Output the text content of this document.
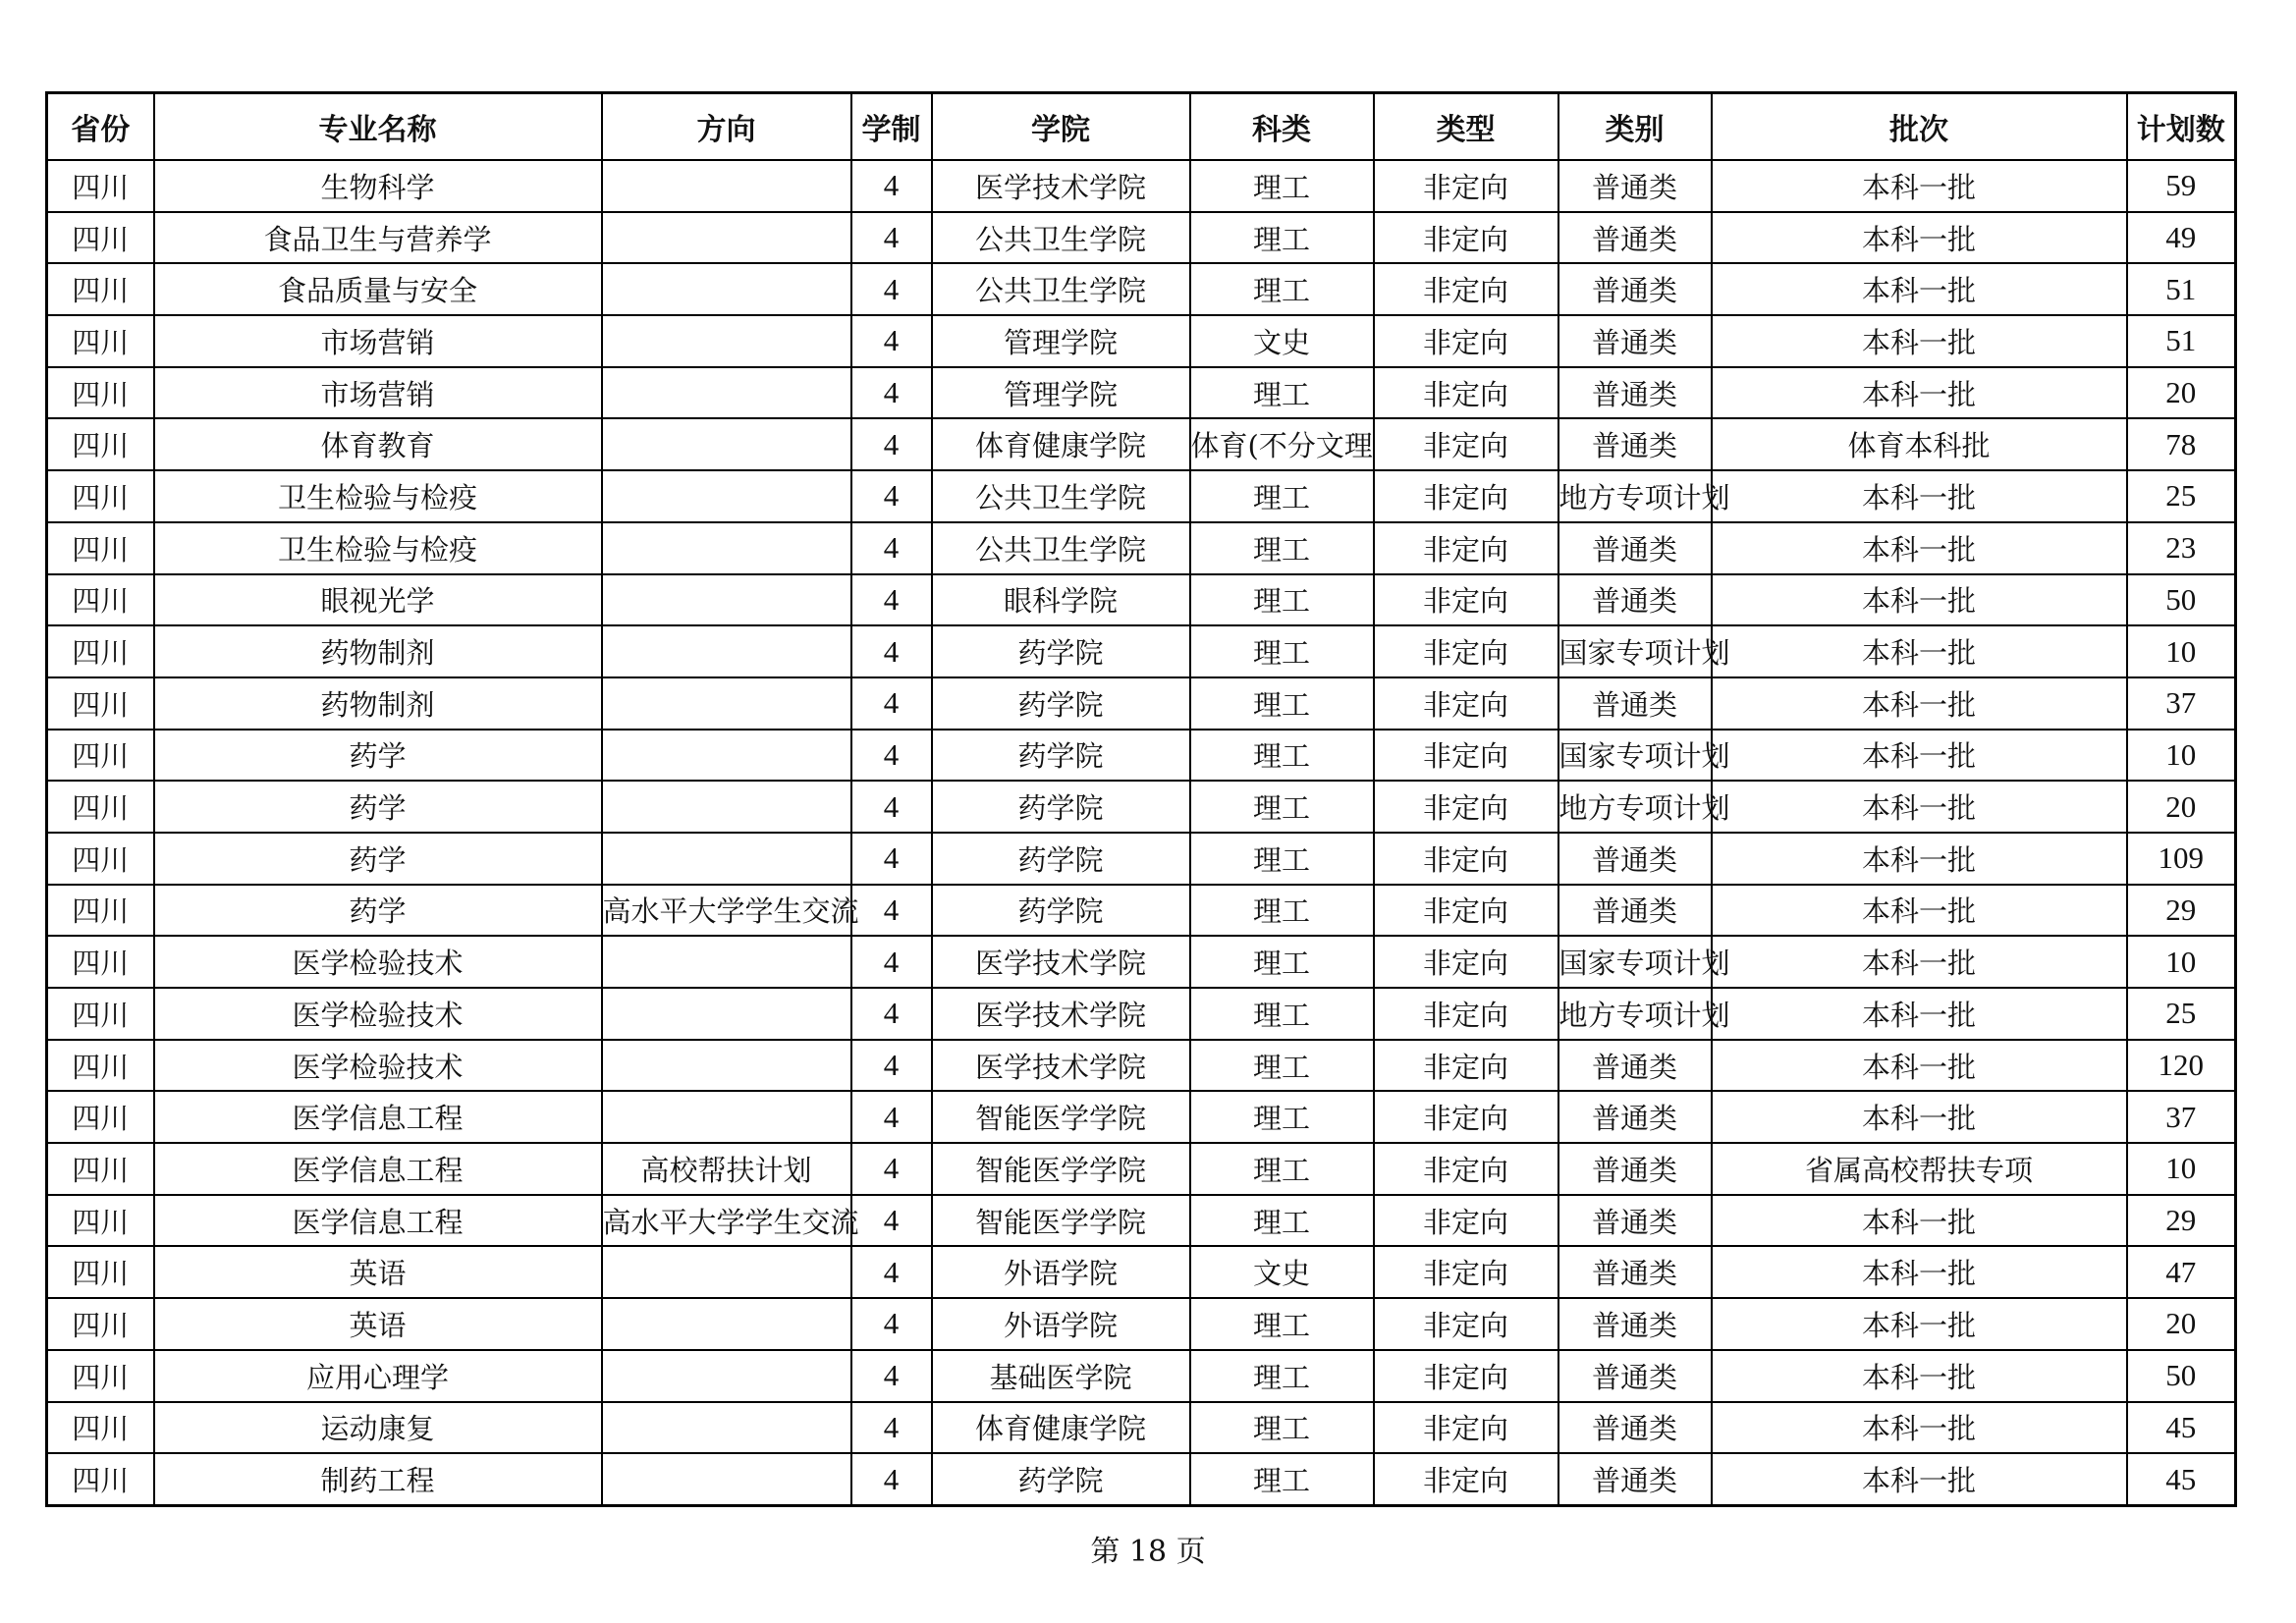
省份	专业名称	方向	学制	学院	科类	类型	类别	批次	计划数
四川	生物科学		4	医学技术学院	理工	非定向	普通类	本科一批	59
四川	食品卫生与营养学		4	公共卫生学院	理工	非定向	普通类	本科一批	49
四川	食品质量与安全		4	公共卫生学院	理工	非定向	普通类	本科一批	51
四川	市场营销		4	管理学院	文史	非定向	普通类	本科一批	51
四川	市场营销		4	管理学院	理工	非定向	普通类	本科一批	20
四川	体育教育		4	体育健康学院	体育(不分文理	非定向	普通类	体育本科批	78
四川	卫生检验与检疫		4	公共卫生学院	理工	非定向	地方专项计划	本科一批	25
四川	卫生检验与检疫		4	公共卫生学院	理工	非定向	普通类	本科一批	23
四川	眼视光学		4	眼科学院	理工	非定向	普通类	本科一批	50
四川	药物制剂		4	药学院	理工	非定向	国家专项计划	本科一批	10
四川	药物制剂		4	药学院	理工	非定向	普通类	本科一批	37
四川	药学		4	药学院	理工	非定向	国家专项计划	本科一批	10
四川	药学		4	药学院	理工	非定向	地方专项计划	本科一批	20
四川	药学		4	药学院	理工	非定向	普通类	本科一批	109
四川	药学	高水平大学学生交流	4	药学院	理工	非定向	普通类	本科一批	29
四川	医学检验技术		4	医学技术学院	理工	非定向	国家专项计划	本科一批	10
四川	医学检验技术		4	医学技术学院	理工	非定向	地方专项计划	本科一批	25
四川	医学检验技术		4	医学技术学院	理工	非定向	普通类	本科一批	120
四川	医学信息工程		4	智能医学学院	理工	非定向	普通类	本科一批	37
四川	医学信息工程	高校帮扶计划	4	智能医学学院	理工	非定向	普通类	省属高校帮扶专项	10
四川	医学信息工程	高水平大学学生交流	4	智能医学学院	理工	非定向	普通类	本科一批	29
四川	英语		4	外语学院	文史	非定向	普通类	本科一批	47
四川	英语		4	外语学院	理工	非定向	普通类	本科一批	20
四川	应用心理学		4	基础医学院	理工	非定向	普通类	本科一批	50
四川	运动康复		4	体育健康学院	理工	非定向	普通类	本科一批	45
四川	制药工程		4	药学院	理工	非定向	普通类	本科一批	45
第 18 页
